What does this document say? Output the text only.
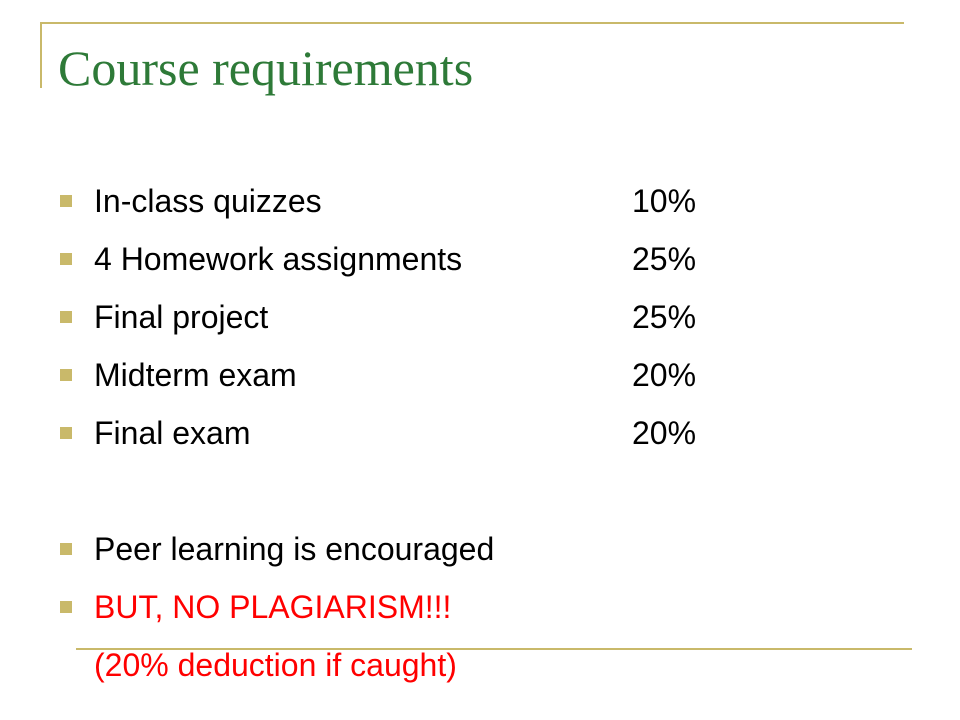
Course requirements
In-class quizzes	10%
4 Homework assignments	25%
Final project	25%
Midterm exam	20%
Final exam	20%
Peer learning is encouraged
BUT, NO PLAGIARISM!!!
(20% deduction if caught)
